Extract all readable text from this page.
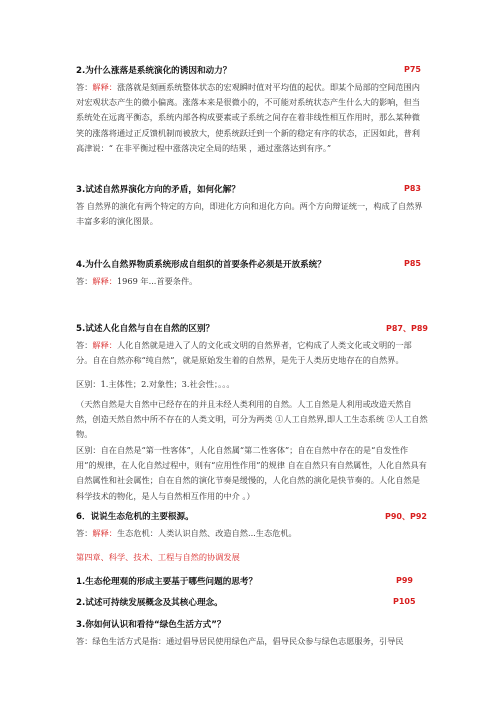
2.为什么涨落是系统演化的诱因和动力？	P75
答：解释：涨落就是刻画系统整体状态的宏观瞬时值对平均值的起伏。即某个局部的空间范围内对宏观状态产生的微小偏离。涨落本来是很微小的，不可能对系统状态产生什么大的影响，但当系统处在远离平衡态，系统内部各构成要素或子系统之间存在着非线性相互作用时，那么某种微笑的涨落将通过正反馈机制而被放大，使系统跃迁到一个新的稳定有序的状态，正因如此，普利高津说：“ 在非平衡过程中涨落决定全局的结果 ，通过涨落达到有序。”
3.试述自然界演化方向的矛盾，如何化解？	P83
答 自然界的演化有两个特定的方向，即进化方向和退化方向。两个方向辩证统一，构成了自然界丰富多彩的演化图景。
4.为什么自然界物质系统形成自组织的首要条件必须是开放系统？	P85
答：解释：1969 年...首要条件。
5.试述人化自然与自在自然的区别？	P87、P89
答：解释：人化自然就是进入了人的文化或文明的自然界者，它构成了人类文化或文明的一部分。自在自然亦称“纯自然”，就是原始发生着的自然界，是先于人类历史地存在的自然界。
区别：1.主体性；2.对象性；3.社会性；。。。
（天然自然是大自然中已经存在的并且未经人类利用的自然。人工自然是人利用或改造天然自然，创造天然自然中所不存在的人类文明，可分为两类 ①人工自然界,即人工生态系统 ②人工自然物。
区别：自在自然是“第一性客体”，人化自然属“第二性客体”；自在自然中存在的是“自发性作用”的规律，在人化自然过程中，则有“应用性作用”的规律 自在自然只有自然属性，人化自然具有自然属性和社会属性；自在自然的演化节奏是缓慢的，人化自然的演化是快节奏的。人化自然是科学技术的物化，是人与自然相互作用的中介 。）
6．说说生态危机的主要根源。	P90、P92
答：解释：生态危机：人类认识自然、改造自然...生态危机。
第四章、科学、技术、工程与自然的协调发展
1.生态伦理观的形成主要基于哪些问题的思考？	P99
2.试述可持续发展概念及其核心理念。	P105
3.你如何认识和看待“绿色生活方式”？
答：绿色生活方式是指：通过倡导居民使用绿色产品，倡导民众参与绿色志愿服务，引导民
